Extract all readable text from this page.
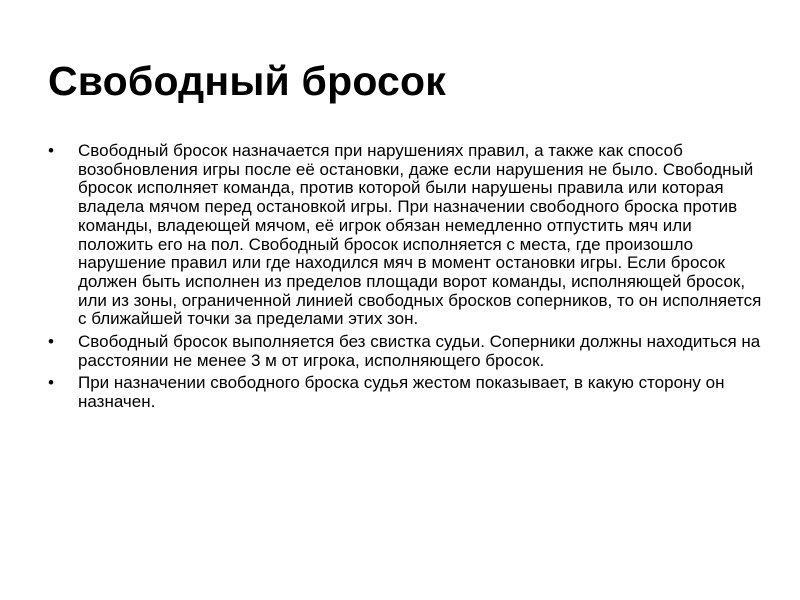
Свободный бросок
•	Свободный бросок назначается при нарушениях правил, а также как способ возобновления игры после её остановки, даже если нарушения не было. Свободный бросок исполняет команда, против которой были нарушены правила или которая владела мячом перед остановкой игры. При назначении свободного броска против команды, владеющей мячом, её игрок обязан немедленно отпустить мяч или положить его на пол. Свободный бросок исполняется с места, где произошло нарушение правил или где находился мяч в момент остановки игры. Если бросок должен быть исполнен из пределов площади ворот команды, исполняющей бросок, или из зоны, ограниченной линией свободных бросков соперников, то он исполняется с ближайшей точки за пределами этих зон.
•	Свободный бросок выполняется без свистка судьи. Соперники должны находиться на расстоянии не менее 3 м от игрока, исполняющего бросок.
•	При назначении свободного броска судья жестом показывает, в какую сторону он назначен.
